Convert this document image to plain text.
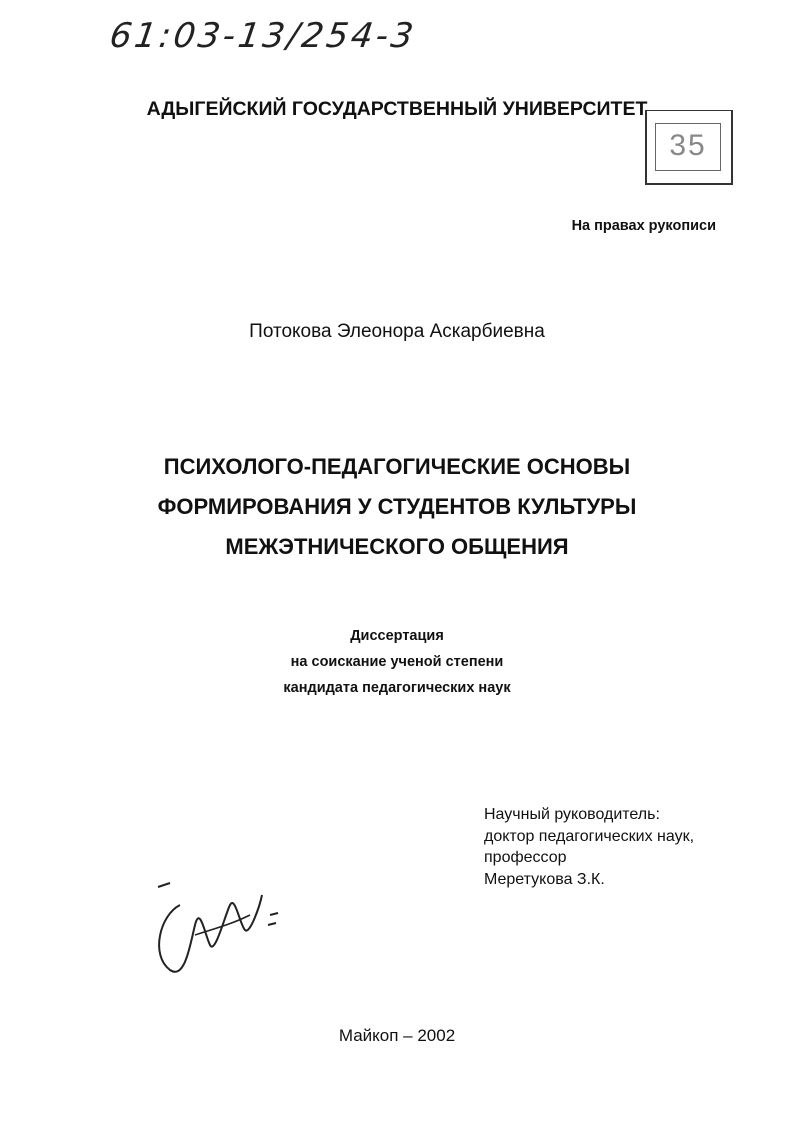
61:03-13/254-3
АДЫГЕЙСКИЙ ГОСУДАРСТВЕННЫЙ УНИВЕРСИТЕТ
35
На правах рукописи
Потокова Элеонора Аскарбиевна
ПСИХОЛОГО-ПЕДАГОГИЧЕСКИЕ ОСНОВЫ
ФОРМИРОВАНИЯ У СТУДЕНТОВ КУЛЬТУРЫ
МЕЖЭТНИЧЕСКОГО ОБЩЕНИЯ
Диссертация
на соискание ученой степени
кандидата педагогических наук
Научный руководитель:
доктор педагогических наук,
профессор
Меретукова З.К.
Майкоп – 2002
